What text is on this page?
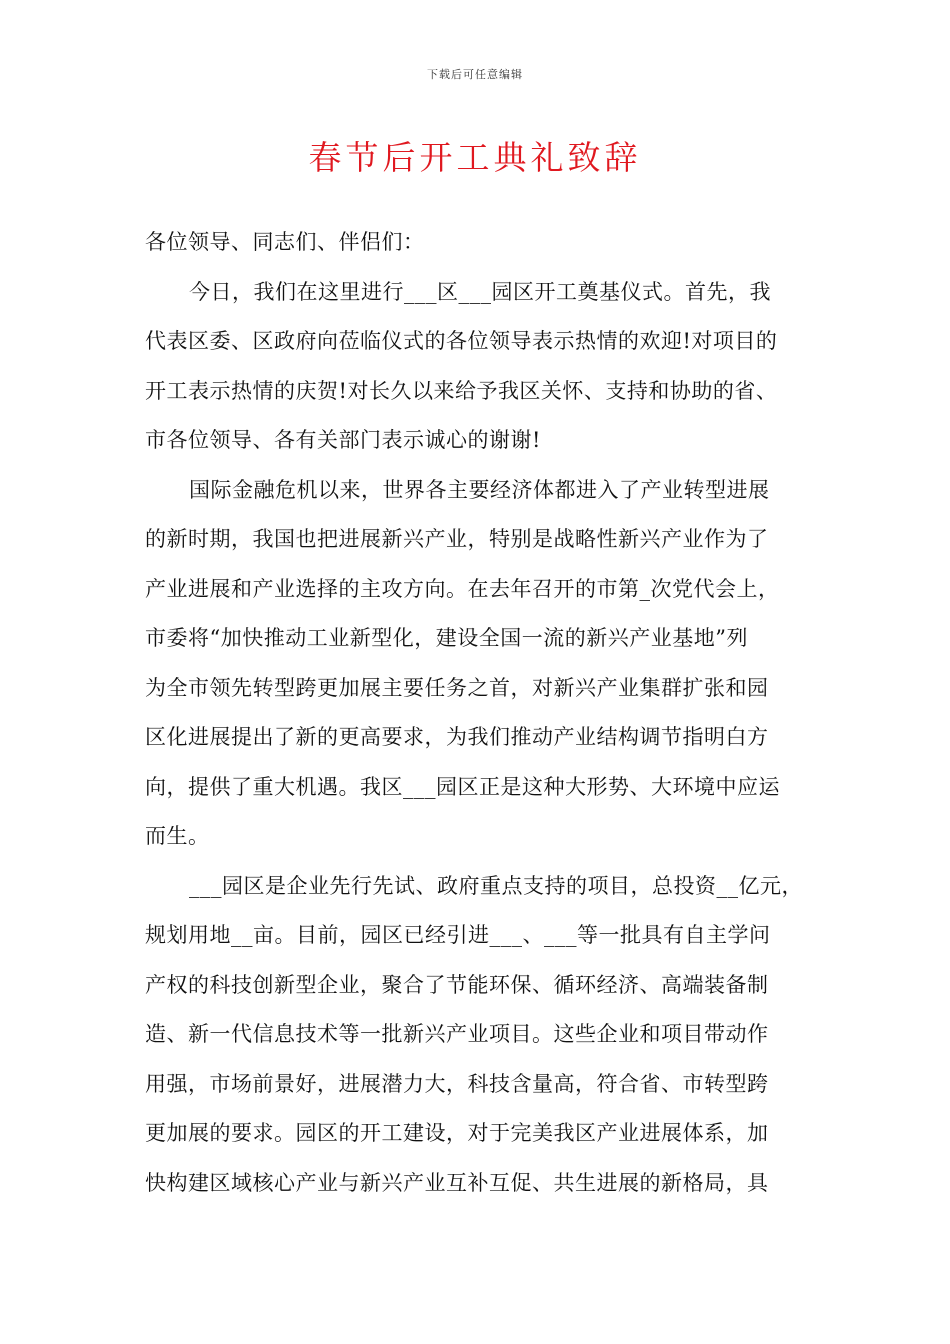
下载后可任意编辑
春节后开工典礼致辞
各位领导、同志们、伴侣们：
今日，我们在这里进行___区___园区开工奠基仪式。首先，我
代表区委、区政府向莅临仪式的各位领导表示热情的欢迎!对项目的
开工表示热情的庆贺!对长久以来给予我区关怀、支持和协助的省、
市各位领导、各有关部门表示诚心的谢谢!
国际金融危机以来，世界各主要经济体都进入了产业转型进展
的新时期，我国也把进展新兴产业，特别是战略性新兴产业作为了
产业进展和产业选择的主攻方向。在去年召开的市第_次党代会上，
市委将“加快推动工业新型化，建设全国一流的新兴产业基地”列
为全市领先转型跨更加展主要任务之首，对新兴产业集群扩张和园
区化进展提出了新的更高要求，为我们推动产业结构调节指明白方
向，提供了重大机遇。我区___园区正是这种大形势、大环境中应运
而生。
___园区是企业先行先试、政府重点支持的项目，总投资__亿元，
规划用地__亩。目前，园区已经引进___、___等一批具有自主学问
产权的科技创新型企业，聚合了节能环保、循环经济、高端装备制
造、新一代信息技术等一批新兴产业项目。这些企业和项目带动作
用强，市场前景好，进展潜力大，科技含量高，符合省、市转型跨
更加展的要求。园区的开工建设，对于完美我区产业进展体系，加
快构建区域核心产业与新兴产业互补互促、共生进展的新格局，具
